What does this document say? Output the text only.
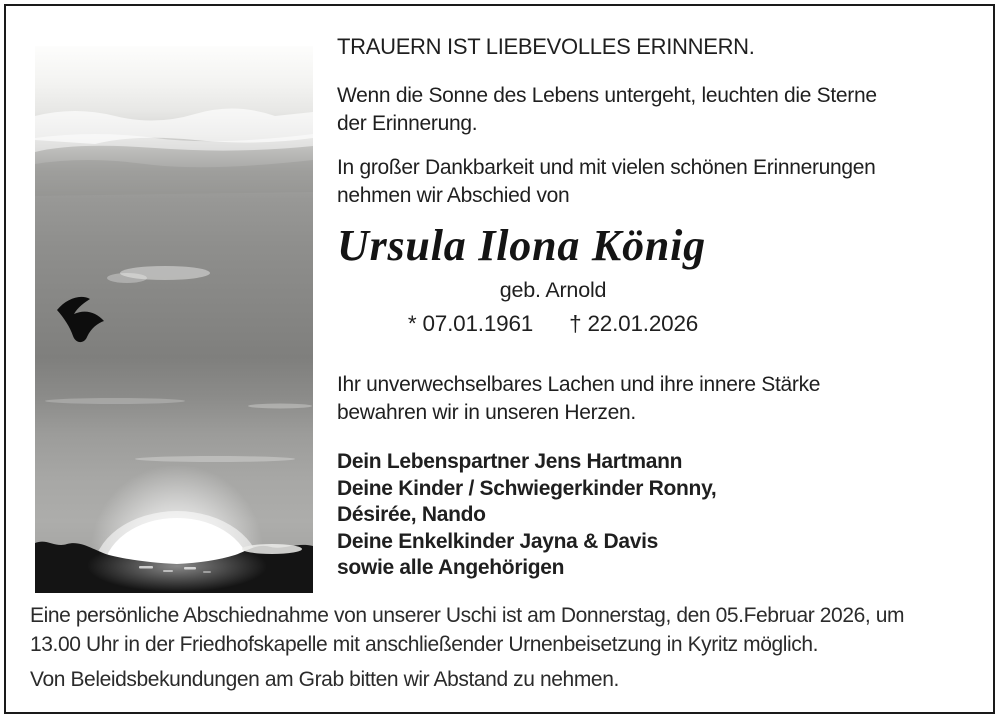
TRAUERN IST LIEBEVOLLES ERINNERN.
Wenn die Sonne des Lebens untergeht, leuchten die Sterne
der Erinnerung.
In großer Dankbarkeit und mit vielen schönen Erinnerungen
nehmen wir Abschied von
Ursula Ilona König
geb. Arnold
* 07.01.1961 † 22.01.2026
Ihr unverwechselbares Lachen und ihre innere Stärke
bewahren wir in unseren Herzen.
Dein Lebenspartner Jens Hartmann
Deine Kinder / Schwiegerkinder Ronny,
Désirée, Nando
Deine Enkelkinder Jayna & Davis
sowie alle Angehörigen
Eine persönliche Abschiednahme von unserer Uschi ist am Donnerstag, den 05.Februar 2026, um
13.00 Uhr in der Friedhofskapelle mit anschließender Urnenbeisetzung in Kyritz möglich.
Von Beleidsbekundungen am Grab bitten wir Abstand zu nehmen.
